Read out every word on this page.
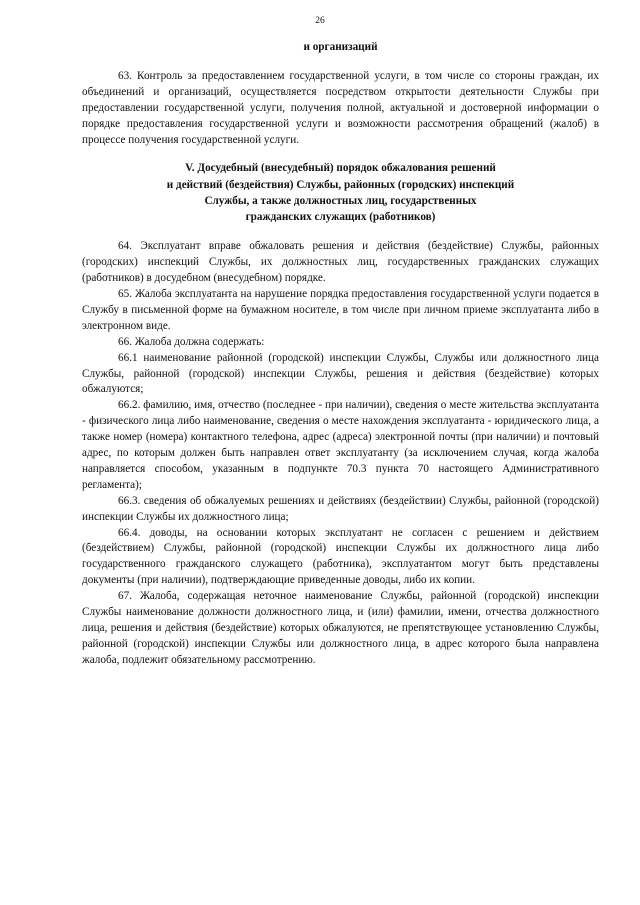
26

и организаций

63. Контроль за предоставлением государственной услуги, в том числе со стороны граждан, их объединений и организаций, осуществляется посредством открытости деятельности Службы при предоставлении государственной услуги, получения полной, актуальной и достоверной информации о порядке предоставления государственной услуги и возможности рассмотрения обращений (жалоб) в процессе получения государственной услуги.

V. Досудебный (внесудебный) порядок обжалования решений
и действий (бездействия) Службы, районных (городских) инспекций
Службы, а также должностных лиц, государственных
гражданских служащих (работников)

64. Эксплуатант вправе обжаловать решения и действия (бездействие) Службы, районных (городских) инспекций Службы, их должностных лиц, государственных гражданских служащих (работников) в досудебном (внесудебном) порядке.

65. Жалоба эксплуатанта на нарушение порядка предоставления государственной услуги подается в Службу в письменной форме на бумажном носителе, в том числе при личном приеме эксплуатанта либо в электронном виде.

66. Жалоба должна содержать:

66.1 наименование районной (городской) инспекции Службы, Службы или должностного лица Службы, районной (городской) инспекции Службы, решения и действия (бездействие) которых обжалуются;

66.2. фамилию, имя, отчество (последнее - при наличии), сведения о месте жительства эксплуатанта - физического лица либо наименование, сведения о месте нахождения эксплуатанта - юридического лица, а также номер (номера) контактного телефона, адрес (адреса) электронной почты (при наличии) и почтовый адрес, по которым должен быть направлен ответ эксплуатанту (за исключением случая, когда жалоба направляется способом, указанным в подпункте 70.3 пункта 70 настоящего Административного регламента);

66.3. сведения об обжалуемых решениях и действиях (бездействии) Службы, районной (городской) инспекции Службы их должностного лица;

66.4. доводы, на основании которых эксплуатант не согласен с решением и действием (бездействием) Службы, районной (городской) инспекции Службы их должностного лица либо государственного гражданского служащего (работника), эксплуатантом могут быть представлены документы (при наличии), подтверждающие приведенные доводы, либо их копии.

67. Жалоба, содержащая неточное наименование Службы, районной (городской) инспекции Службы наименование должности должностного лица, и (или) фамилии, имени, отчества должностного лица, решения и действия (бездействие) которых обжалуются, не препятствующее установлению Службы, районной (городской) инспекции Службы или должностного лица, в адрес которого была направлена жалоба, подлежит обязательному рассмотрению.
